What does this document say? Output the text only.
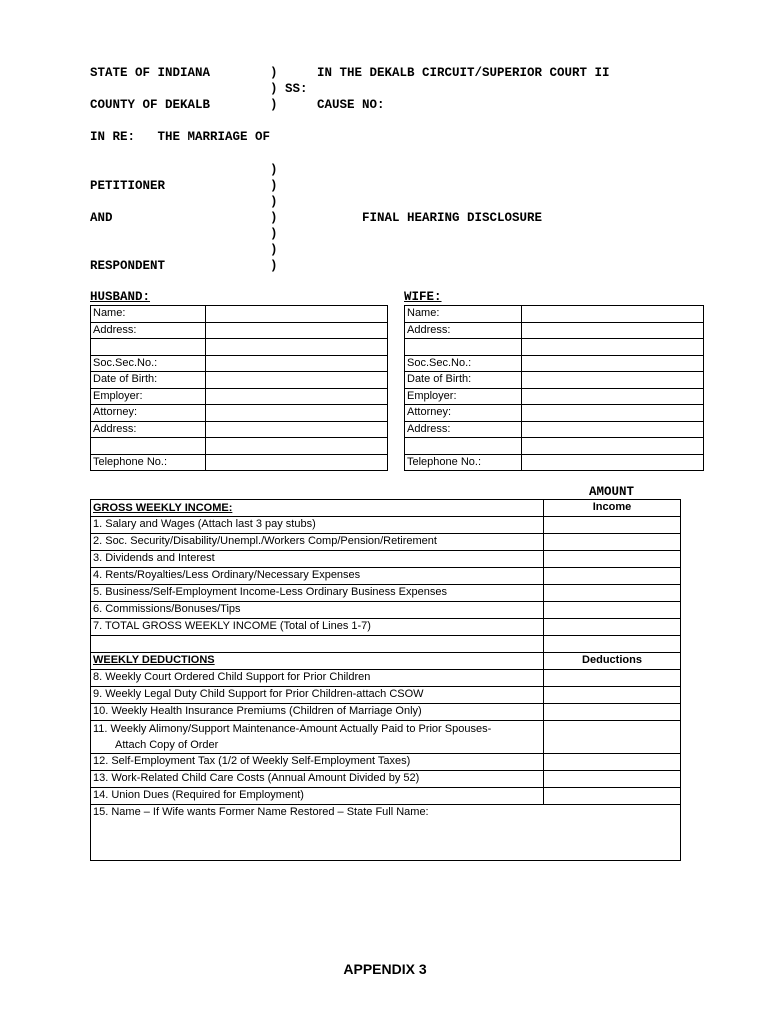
STATE OF INDIANA	)	IN THE DEKALB CIRCUIT/SUPERIOR COURT II
) SS:
COUNTY OF DEKALB	)	CAUSE NO:
IN RE:   THE MARRIAGE OF
)
PETITIONER	)
)
AND	)	FINAL HEARING DISCLOSURE
)
)
RESPONDENT	)
HUSBAND:	WIFE:
Name:	
Address:	

Soc.Sec.No.:	
Date of Birth:	
Employer:	
Attorney:	
Address:	

Telephone No.:	
Name:	
Address:	

Soc.Sec.No.:	
Date of Birth:	
Employer:	
Attorney:	
Address:	

Telephone No.:	
AMOUNT
GROSS WEEKLY INCOME:	Income
1. Salary and Wages (Attach last 3 pay stubs)	
2. Soc. Security/Disability/Unempl./Workers Comp/Pension/Retirement	
3. Dividends and Interest	
4. Rents/Royalties/Less Ordinary/Necessary Expenses	
5. Business/Self-Employment Income-Less Ordinary Business Expenses	
6. Commissions/Bonuses/Tips	
7. TOTAL GROSS WEEKLY INCOME (Total of Lines 1-7)	

WEEKLY DEDUCTIONS	Deductions
8. Weekly Court Ordered Child Support for Prior Children	
9. Weekly Legal Duty Child Support for Prior Children-attach CSOW	
10. Weekly Health Insurance Premiums (Children of Marriage Only)	
11. Weekly Alimony/Support Maintenance-Amount Actually Paid to Prior Spouses-
Attach Copy of Order	

12. Self-Employment Tax (1/2 of Weekly Self-Employment Taxes)	
13. Work-Related Child Care Costs (Annual Amount Divided by 52)	
14. Union Dues (Required for Employment)	
15. Name – If Wife wants Former Name Restored – State Full Name:	
APPENDIX 3
